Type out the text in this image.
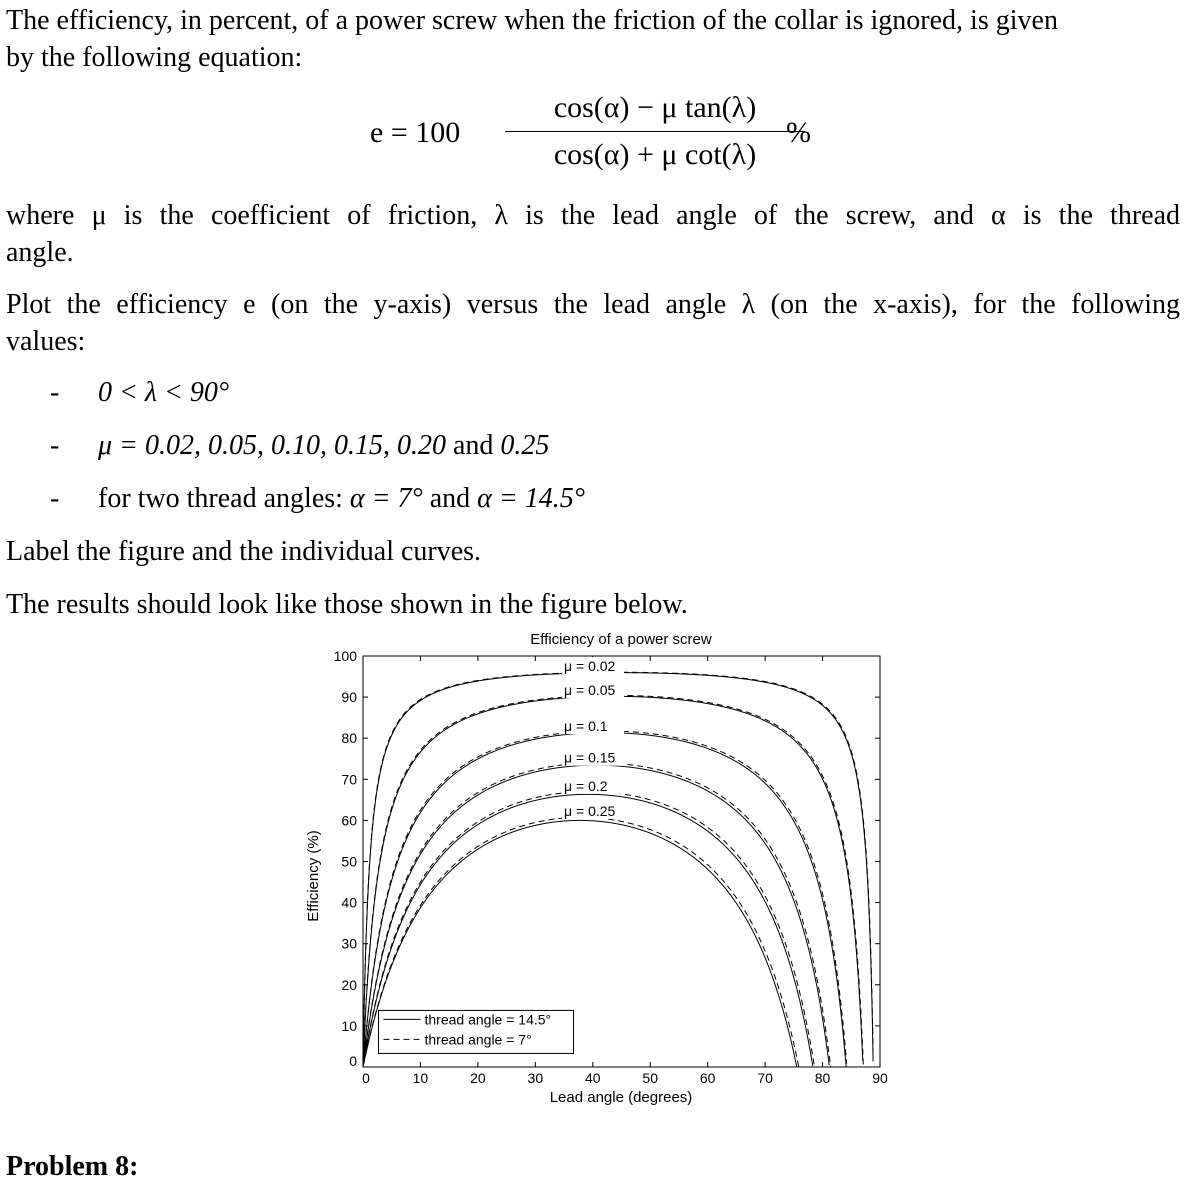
The efficiency, in percent, of a power screw when the friction of the collar is ignored, is given

by the following equation:

e = 100
cos(α) − μ tan(λ)
cos(α) + μ cot(λ)
%

where μ is the coefficient of friction, λ is the lead angle of the screw, and α is the thread

angle.

Plot the efficiency e (on the y-axis) versus the lead angle λ (on the x-axis), for the following

values:

- 0 < λ < 90°
- μ = 0.02, 0.05, 0.10, 0.15, 0.20 and 0.25
- for two thread angles: α = 7° and α = 14.5°

Label the figure and the individual curves.

The results should look like those shown in the figure below.

Efficiency of a power screw
Efficiency (%)
Lead angle (degrees)
0	10	20	30	40	50	60	70	80	90
0
10
20
30
40
50
60
70
80
90
100
μ = 0.02
μ = 0.05
μ = 0.1
μ = 0.15
μ = 0.2
μ = 0.25
thread angle = 14.5°
thread angle = 7°
Problem 8:
